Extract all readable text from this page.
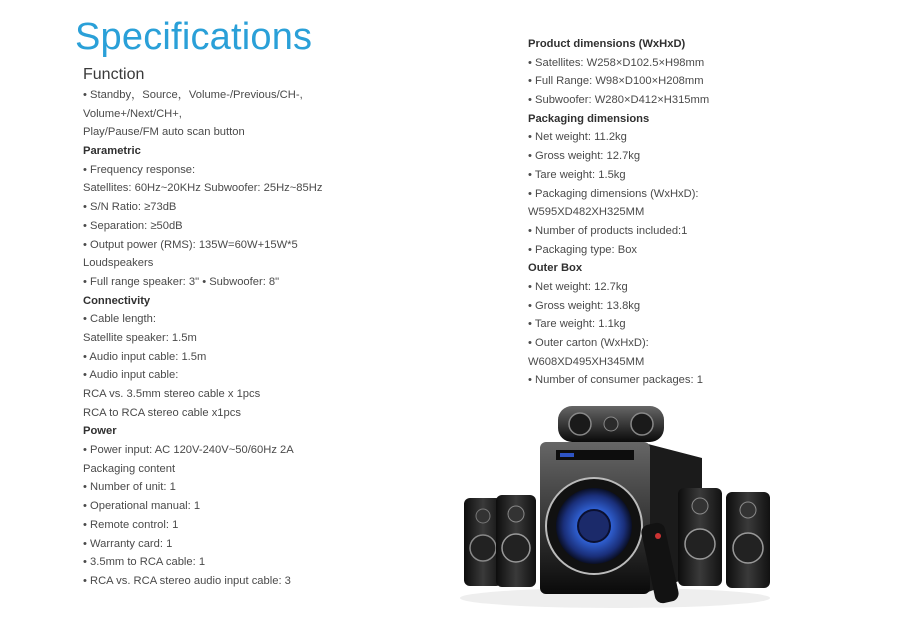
Specifications
Function
• Standby，Source，Volume-/Previous/CH-,
Volume+/Next/CH+,
Play/Pause/FM auto scan button
Parametric
• Frequency response:
Satellites: 60Hz~20KHz Subwoofer: 25Hz~85Hz
• S/N Ratio: ≥73dB
• Separation: ≥50dB
• Output power (RMS): 135W=60W+15W*5
Loudspeakers
• Full range speaker: 3" • Subwoofer: 8"
Connectivity
• Cable length:
Satellite speaker: 1.5m
• Audio input cable: 1.5m
• Audio input cable:
RCA vs. 3.5mm stereo cable x 1pcs
RCA to RCA stereo cable x1pcs
Power
• Power input: AC 120V-240V~50/60Hz 2A
Packaging content
• Number of unit: 1
• Operational manual: 1
• Remote control: 1
• Warranty card: 1
• 3.5mm to RCA cable: 1
• RCA vs. RCA stereo audio input cable: 3
Product dimensions (WxHxD)
• Satellites: W258×D102.5×H98mm
• Full Range: W98×D100×H208mm
• Subwoofer: W280×D412×H315mm
Packaging dimensions
• Net weight: 11.2kg
• Gross weight: 12.7kg
• Tare weight: 1.5kg
• Packaging dimensions (WxHxD):
W595XD482XH325MM
• Number of products included:1
• Packaging type: Box
Outer Box
• Net weight: 12.7kg
• Gross weight: 13.8kg
• Tare weight: 1.1kg
• Outer carton (WxHxD):
W608XD495XH345MM
• Number of consumer packages: 1
